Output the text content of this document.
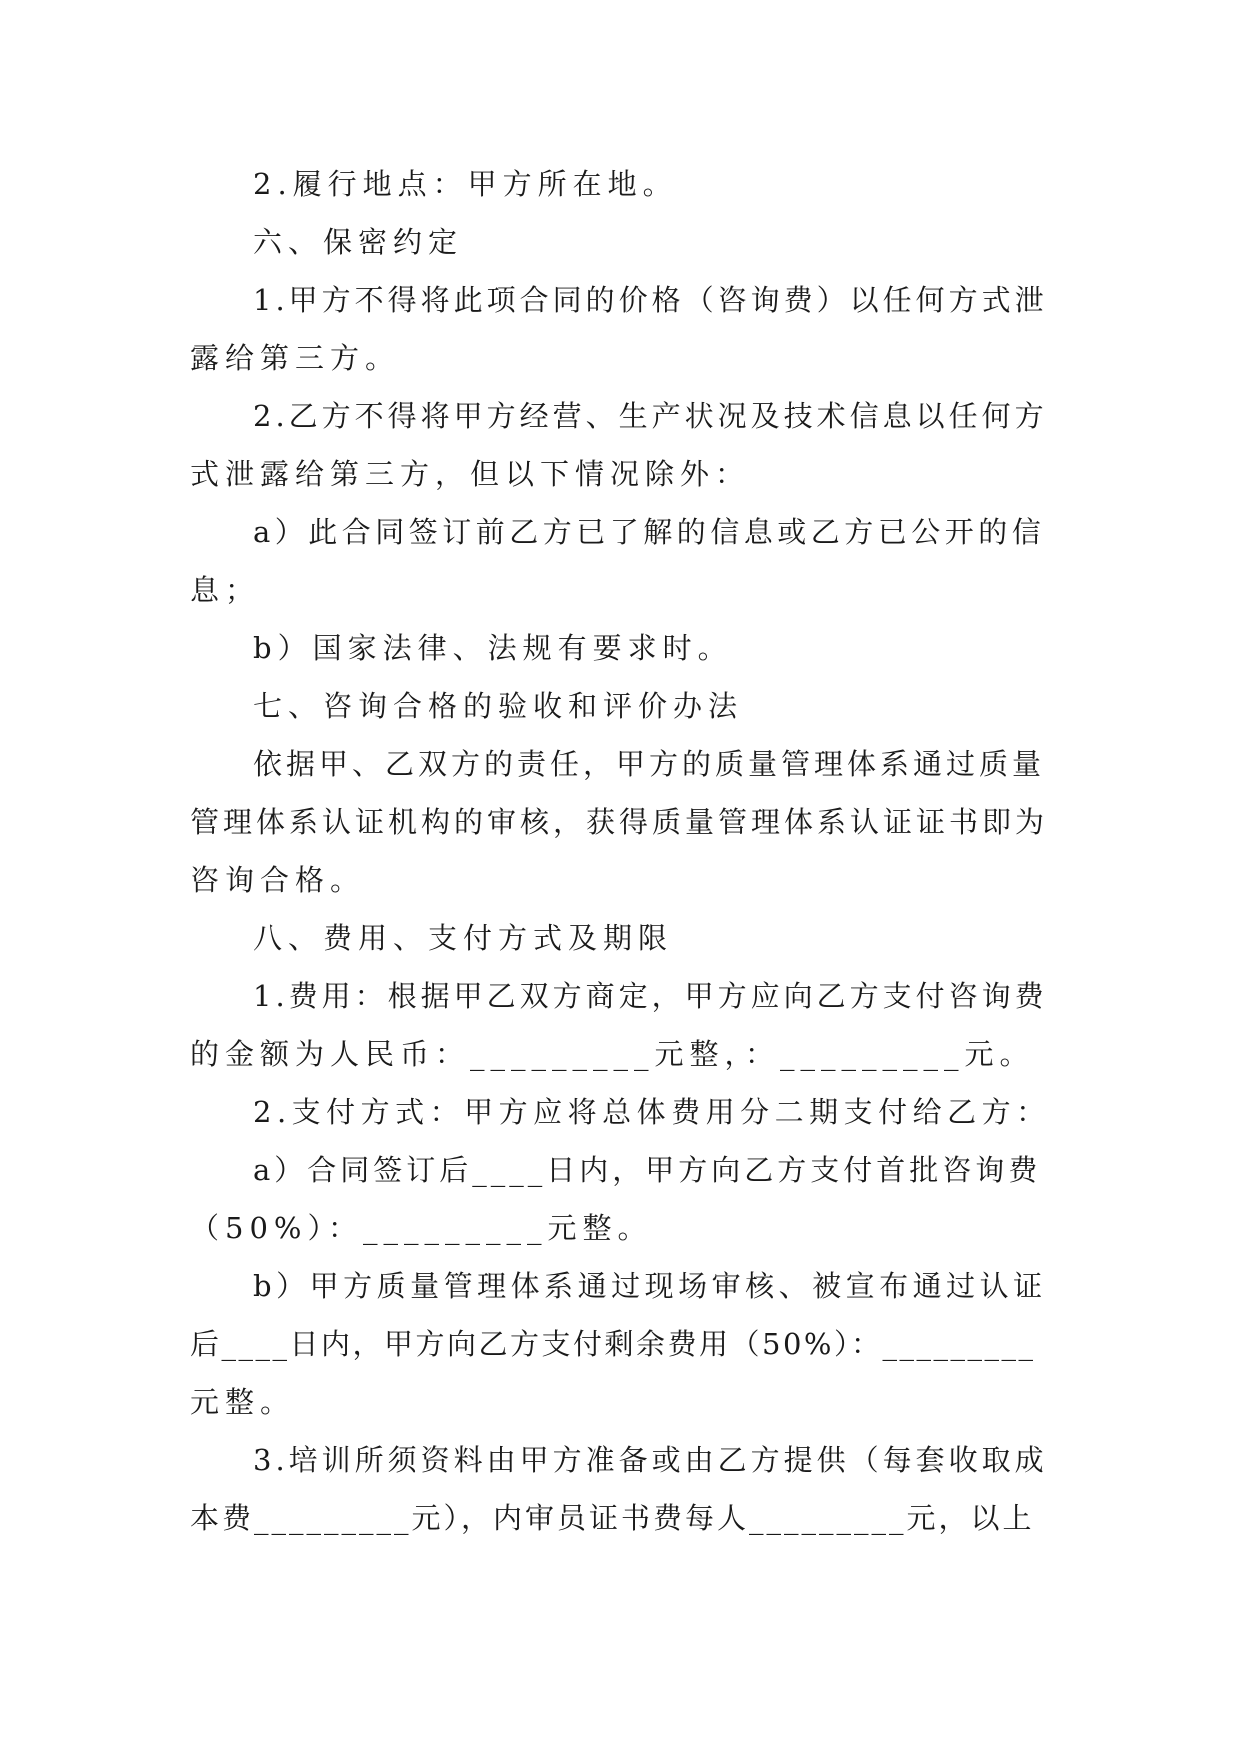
2.履行地点：甲方所在地。
六、保密约定
1.甲方不得将此项合同的价格（咨询费）以任何方式泄
露给第三方。
2.乙方不得将甲方经营、生产状况及技术信息以任何方
式泄露给第三方，但以下情况除外：
a）此合同签订前乙方已了解的信息或乙方已公开的信
息；
b）国家法律、法规有要求时。
七、咨询合格的验收和评价办法
依据甲、乙双方的责任，甲方的质量管理体系通过质量
管理体系认证机构的审核，获得质量管理体系认证证书即为
咨询合格。
八、费用、支付方式及期限
1.费用：根据甲乙双方商定，甲方应向乙方支付咨询费
的金额为人民币：_________元整，：_________元。
2.支付方式：甲方应将总体费用分二期支付给乙方：
a）合同签订后____日内，甲方向乙方支付首批咨询费
（50%）：_________元整。
b）甲方质量管理体系通过现场审核、被宣布通过认证
后____日内，甲方向乙方支付剩余费用（50%）：_________
元整。
3.培训所须资料由甲方准备或由乙方提供（每套收取成
本费_________元），内审员证书费每人_________元，以上
